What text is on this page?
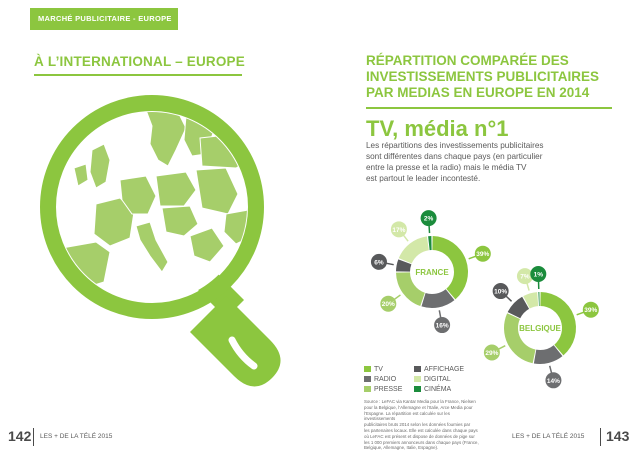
MARCHÉ PUBLICITAIRE - EUROPE
À L’INTERNATIONAL – EUROPE	RÉPARTITION COMPARÉE DES
INVESTISSEMENTS PUBLICITAIRES
PAR MEDIAS EN EUROPE EN 2014
TV, média n°1
Les répartitions des investissements publicitaires
sont différentes dans chaque pays (en particulier
entre la presse et la radio) mais le média TV
est partout le leader incontesté.
39%
16%
20%
6%
17%
2%
FRANCE
39%
14%
29%
10%
7% 1%
BELGIQUE
TV
RADIO
PRESSE
AFFICHAGE
DIGITAL
CINÉMA
Source : LeFAC via Kantar Media pour la France, Nielsen
pour la Belgique, l’Allemagne et l’Italie, Arce Media pour
l’Espagne. La répartition est calculée sur les investissements
publicitaires bruts 2014 selon les données fournies par
les partenaires locaux. Elle est calculée dans chaque pays
où LeFAC est présent et dispose de données de pige sur
les 1 000 premiers annonceurs dans chaque pays (France,
Belgique, Allemagne, Italie, Espagne).
142 LES + DE LA TÉLÉ 2015	LES + DE LA TÉLÉ 2015 143
